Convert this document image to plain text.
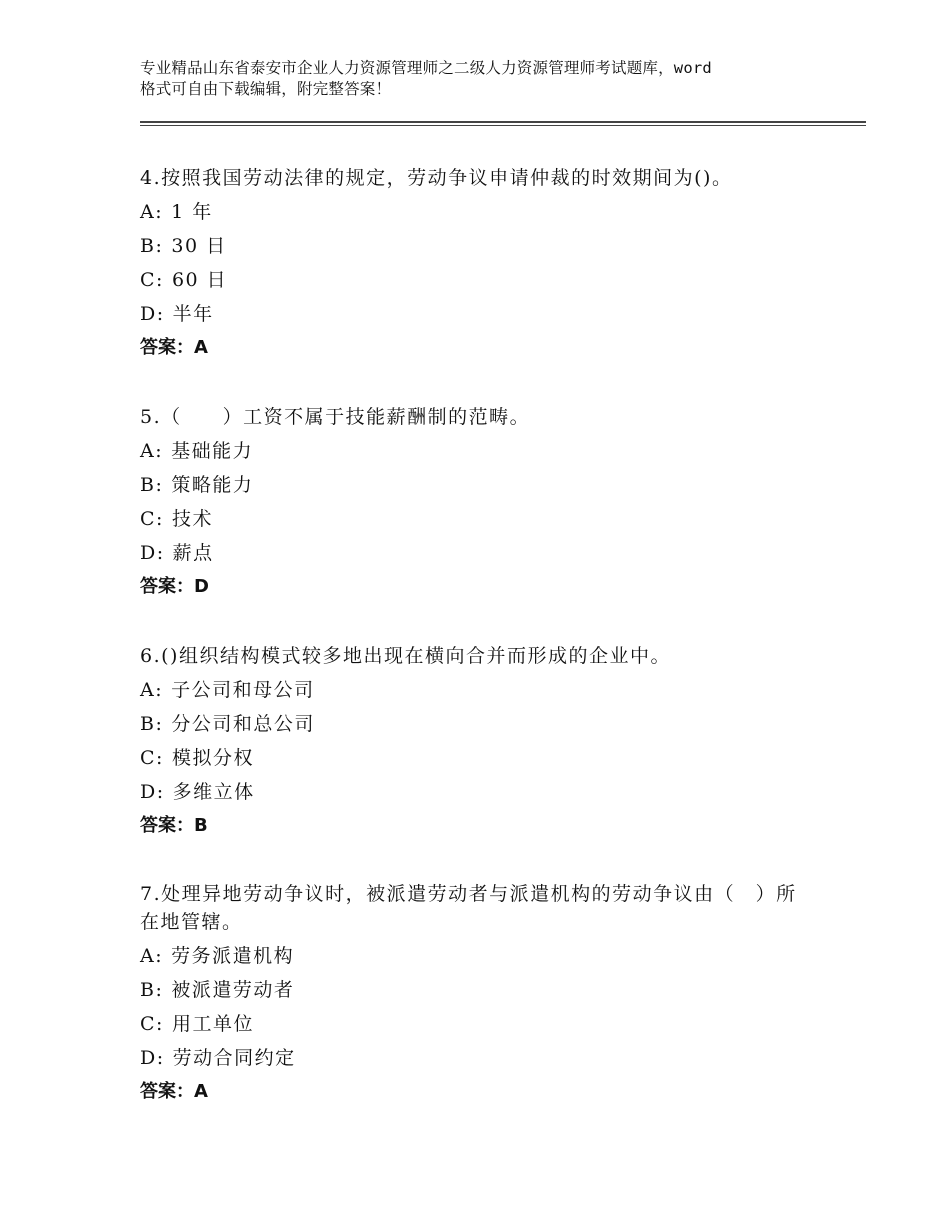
专业精品山东省泰安市企业人力资源管理师之二级人力资源管理师考试题库，word
格式可自由下载编辑，附完整答案！

4.按照我国劳动法律的规定，劳动争议申请仲裁的时效期间为()。

A: 1 年
B: 30 日
C: 60 日
D: 半年

答案：A

5.（　　）工资不属于技能薪酬制的范畴。

A: 基础能力
B: 策略能力
C: 技术
D: 薪点

答案：D

6.()组织结构模式较多地出现在横向合并而形成的企业中。

A: 子公司和母公司
B: 分公司和总公司
C: 模拟分权
D: 多维立体

答案：B

7.处理异地劳动争议时，被派遣劳动者与派遣机构的劳动争议由（　）所在地管辖。

A: 劳务派遣机构
B: 被派遣劳动者
C: 用工单位
D: 劳动合同约定

答案：A
